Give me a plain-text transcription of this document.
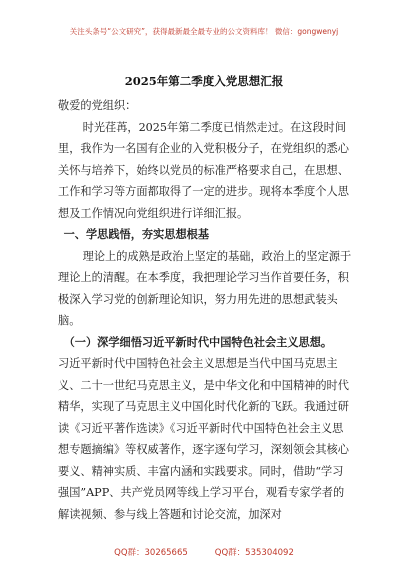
关注头条号“公文研究”，获得最新最全最专业的公文资料库！ 微信：gongwenyj
2025年第二季度入党思想汇报

敬爱的党组织：

时光荏苒，2025年第二季度已悄然走过。在这段时间里，我作为一名国有企业的入党积极分子，在党组织的悉心关怀与培养下，始终以党员的标准严格要求自己，在思想、工作和学习等方面都取得了一定的进步。现将本季度个人思想及工作情况向党组织进行详细汇报。

一、学思践悟，夯实思想根基

理论上的成熟是政治上坚定的基础，政治上的坚定源于理论上的清醒。在本季度，我把理论学习当作首要任务，积极深入学习党的创新理论知识，努力用先进的思想武装头脑。

（一）深学细悟习近平新时代中国特色社会主义思想。

习近平新时代中国特色社会主义思想是当代中国马克思主义、二十一世纪马克思主义，是中华文化和中国精神的时代精华，实现了马克思主义中国化时代化新的飞跃。我通过研读《习近平著作选读》《习近平新时代中国特色社会主义思想专题摘编》等权威著作，逐字逐句学习，深刻领会其核心要义、精神实质、丰富内涵和实践要求。同时，借助“学习强国”APP、共产党员网等线上学习平台，观看专家学者的解读视频、参与线上答题和讨论交流，加深对

QQ群：30265665          QQ群：535304092
